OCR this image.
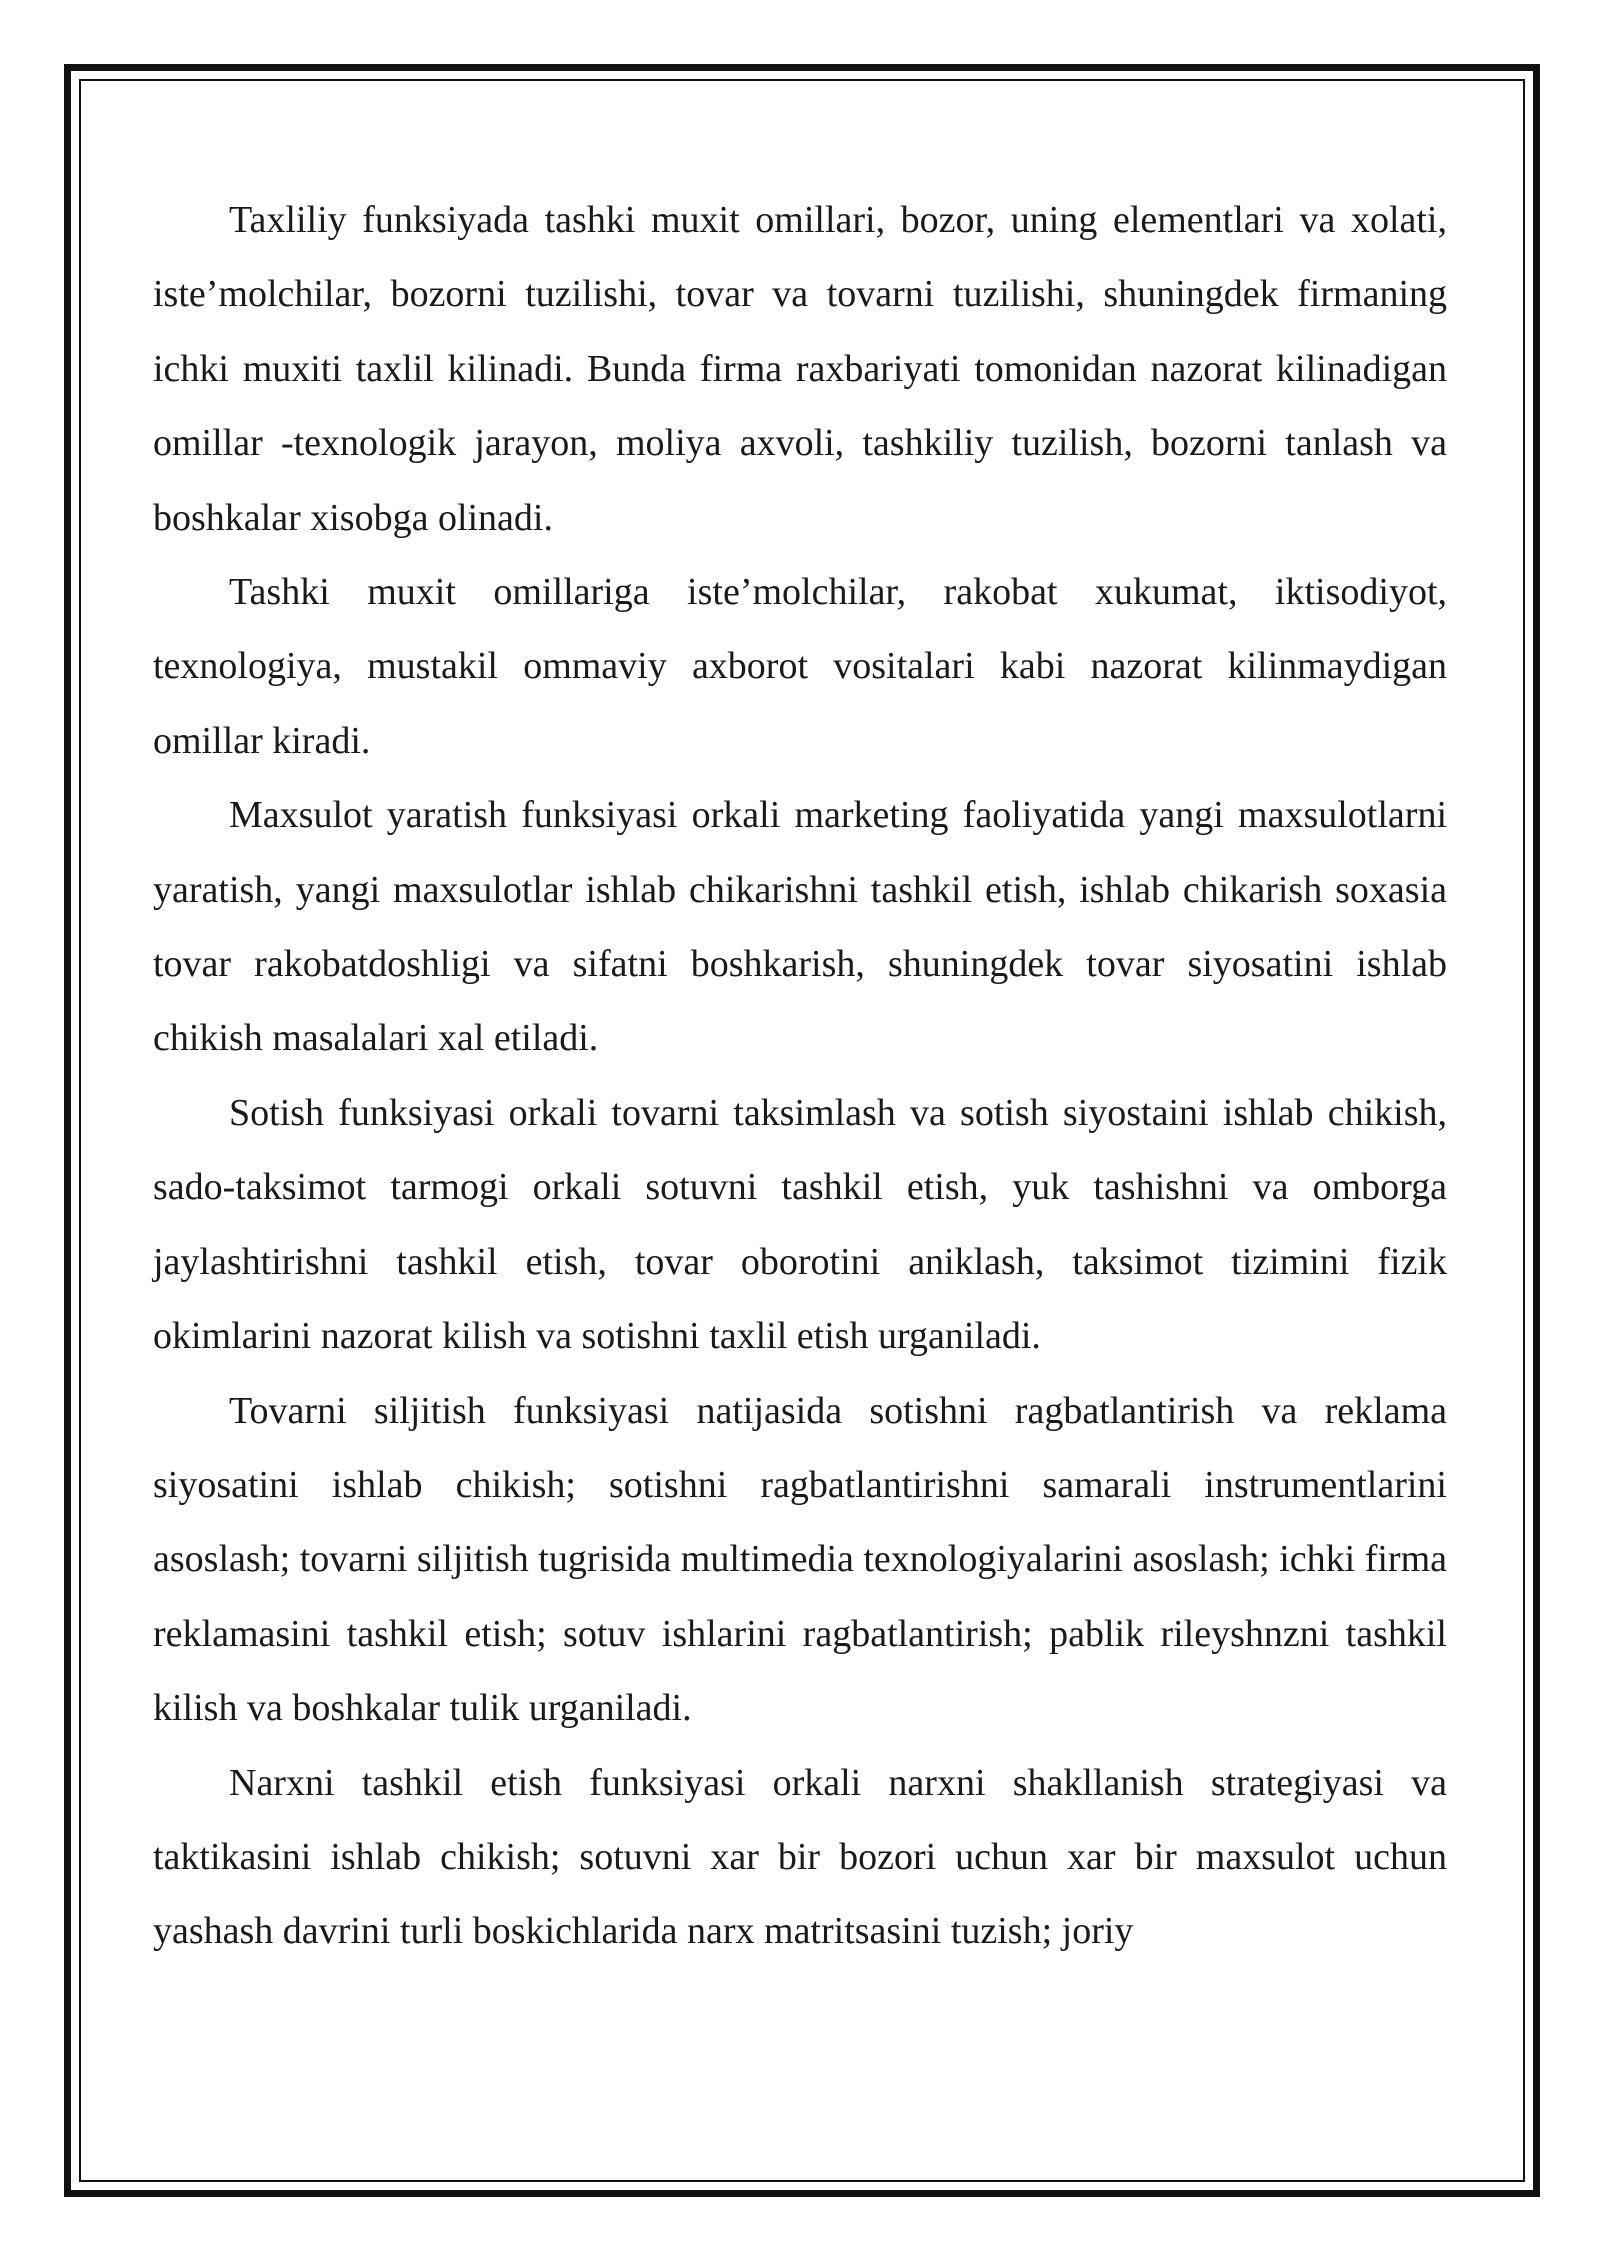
Taxliliy funksiyada tashki muxit omillari, bozor, uning elementlari va xolati, iste’molchilar, bozorni tuzilishi, tovar va tovarni tuzilishi, shuningdek firmaning ichki muxiti taxlil kilinadi. Bunda firma raxbariyati tomonidan nazorat kilinadigan omillar -texnologik jarayon, moliya axvoli, tashkiliy tuzilish, bozorni tanlash va boshkalar xisobga olinadi.

Tashki muxit omillariga iste’molchilar, rakobat xukumat, iktisodiyot, texnologiya, mustakil ommaviy axborot vositalari kabi nazorat kilinmaydigan omillar kiradi.

Maxsulot yaratish funksiyasi orkali marketing faoliyatida yangi maxsulotlarni yaratish, yangi maxsulotlar ishlab chikarishni tashkil etish, ishlab chikarish soxasia tovar rakobatdoshligi va sifatni boshkarish, shuningdek tovar siyosatini ishlab chikish masalalari xal etiladi.

Sotish funksiyasi orkali tovarni taksimlash va sotish siyostaini ishlab chikish, sado-taksimot tarmogi orkali sotuvni tashkil etish, yuk tashishni va omborga jaylashtirishni tashkil etish, tovar oborotini aniklash, taksimot tizimini fizik okimlarini nazorat kilish va sotishni taxlil etish urganiladi.

Tovarni siljitish funksiyasi natijasida sotishni ragbatlantirish va reklama siyosatini ishlab chikish; sotishni ragbatlantirishni samarali instrumentlarini asoslash; tovarni siljitish tugrisida multimedia texnologiyalarini asoslash; ichki firma reklamasini tashkil etish; sotuv ishlarini ragbatlantirish; pablik rileyshnzni tashkil kilish va boshkalar tulik urganiladi.

Narxni tashkil etish funksiyasi orkali narxni shakllanish strategiyasi va taktikasini ishlab chikish; sotuvni xar bir bozori uchun xar bir maxsulot uchun yashash davrini turli boskichlarida narx matritsasini tuzish; joriy
